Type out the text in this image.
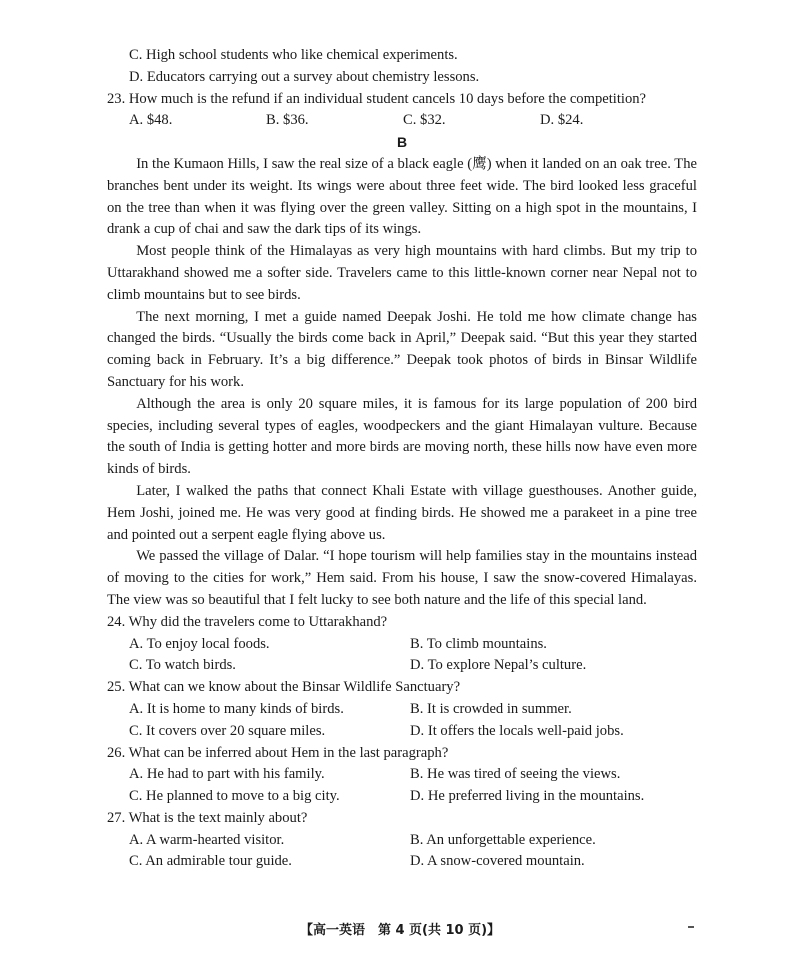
C. High school students who like chemical experiments.
D. Educators carrying out a survey about chemistry lessons.
23. How much is the refund if an individual student cancels 10 days before the competition?
A. $48.	B. $36.	C. $32.	D. $24.
B

In the Kumaon Hills, I saw the real size of a black eagle (鹰) when it landed on an oak tree. The branches bent under its weight. Its wings were about three feet wide. The bird looked less graceful on the tree than when it was flying over the green valley. Sitting on a high spot in the mountains, I drank a cup of chai and saw the dark tips of its wings.

Most people think of the Himalayas as very high mountains with hard climbs. But my trip to Uttarakhand showed me a softer side. Travelers came to this little-known corner near Nepal not to climb mountains but to see birds.

The next morning, I met a guide named Deepak Joshi. He told me how climate change has changed the birds. “Usually the birds come back in April,” Deepak said. “But this year they started coming back in February. It’s a big difference.” Deepak took photos of birds in Binsar Wildlife Sanctuary for his work.

Although the area is only 20 square miles, it is famous for its large population of 200 bird species, including several types of eagles, woodpeckers and the giant Himalayan vulture. Because the south of India is getting hotter and more birds are moving north, these hills now have even more kinds of birds.

Later, I walked the paths that connect Khali Estate with village guesthouses. Another guide, Hem Joshi, joined me. He was very good at finding birds. He showed me a parakeet in a pine tree and pointed out a serpent eagle flying above us.

We passed the village of Dalar. “I hope tourism will help families stay in the mountains instead of moving to the cities for work,” Hem said. From his house, I saw the snow-covered Himalayas. The view was so beautiful that I felt lucky to see both nature and the life of this special land.

24. Why did the travelers come to Uttarakhand?
A. To enjoy local foods.	B. To climb mountains.
C. To watch birds.	D. To explore Nepal’s culture.
25. What can we know about the Binsar Wildlife Sanctuary?
A. It is home to many kinds of birds.	B. It is crowded in summer.
C. It covers over 20 square miles.	D. It offers the locals well-paid jobs.
26. What can be inferred about Hem in the last paragraph?
A. He had to part with his family.	B. He was tired of seeing the views.
C. He planned to move to a big city.	D. He preferred living in the mountains.
27. What is the text mainly about?
A. A warm-hearted visitor.	B. An unforgettable experience.
C. An admirable tour guide.	D. A snow-covered mountain.
【高一英语　第 4 页(共 10 页)】
